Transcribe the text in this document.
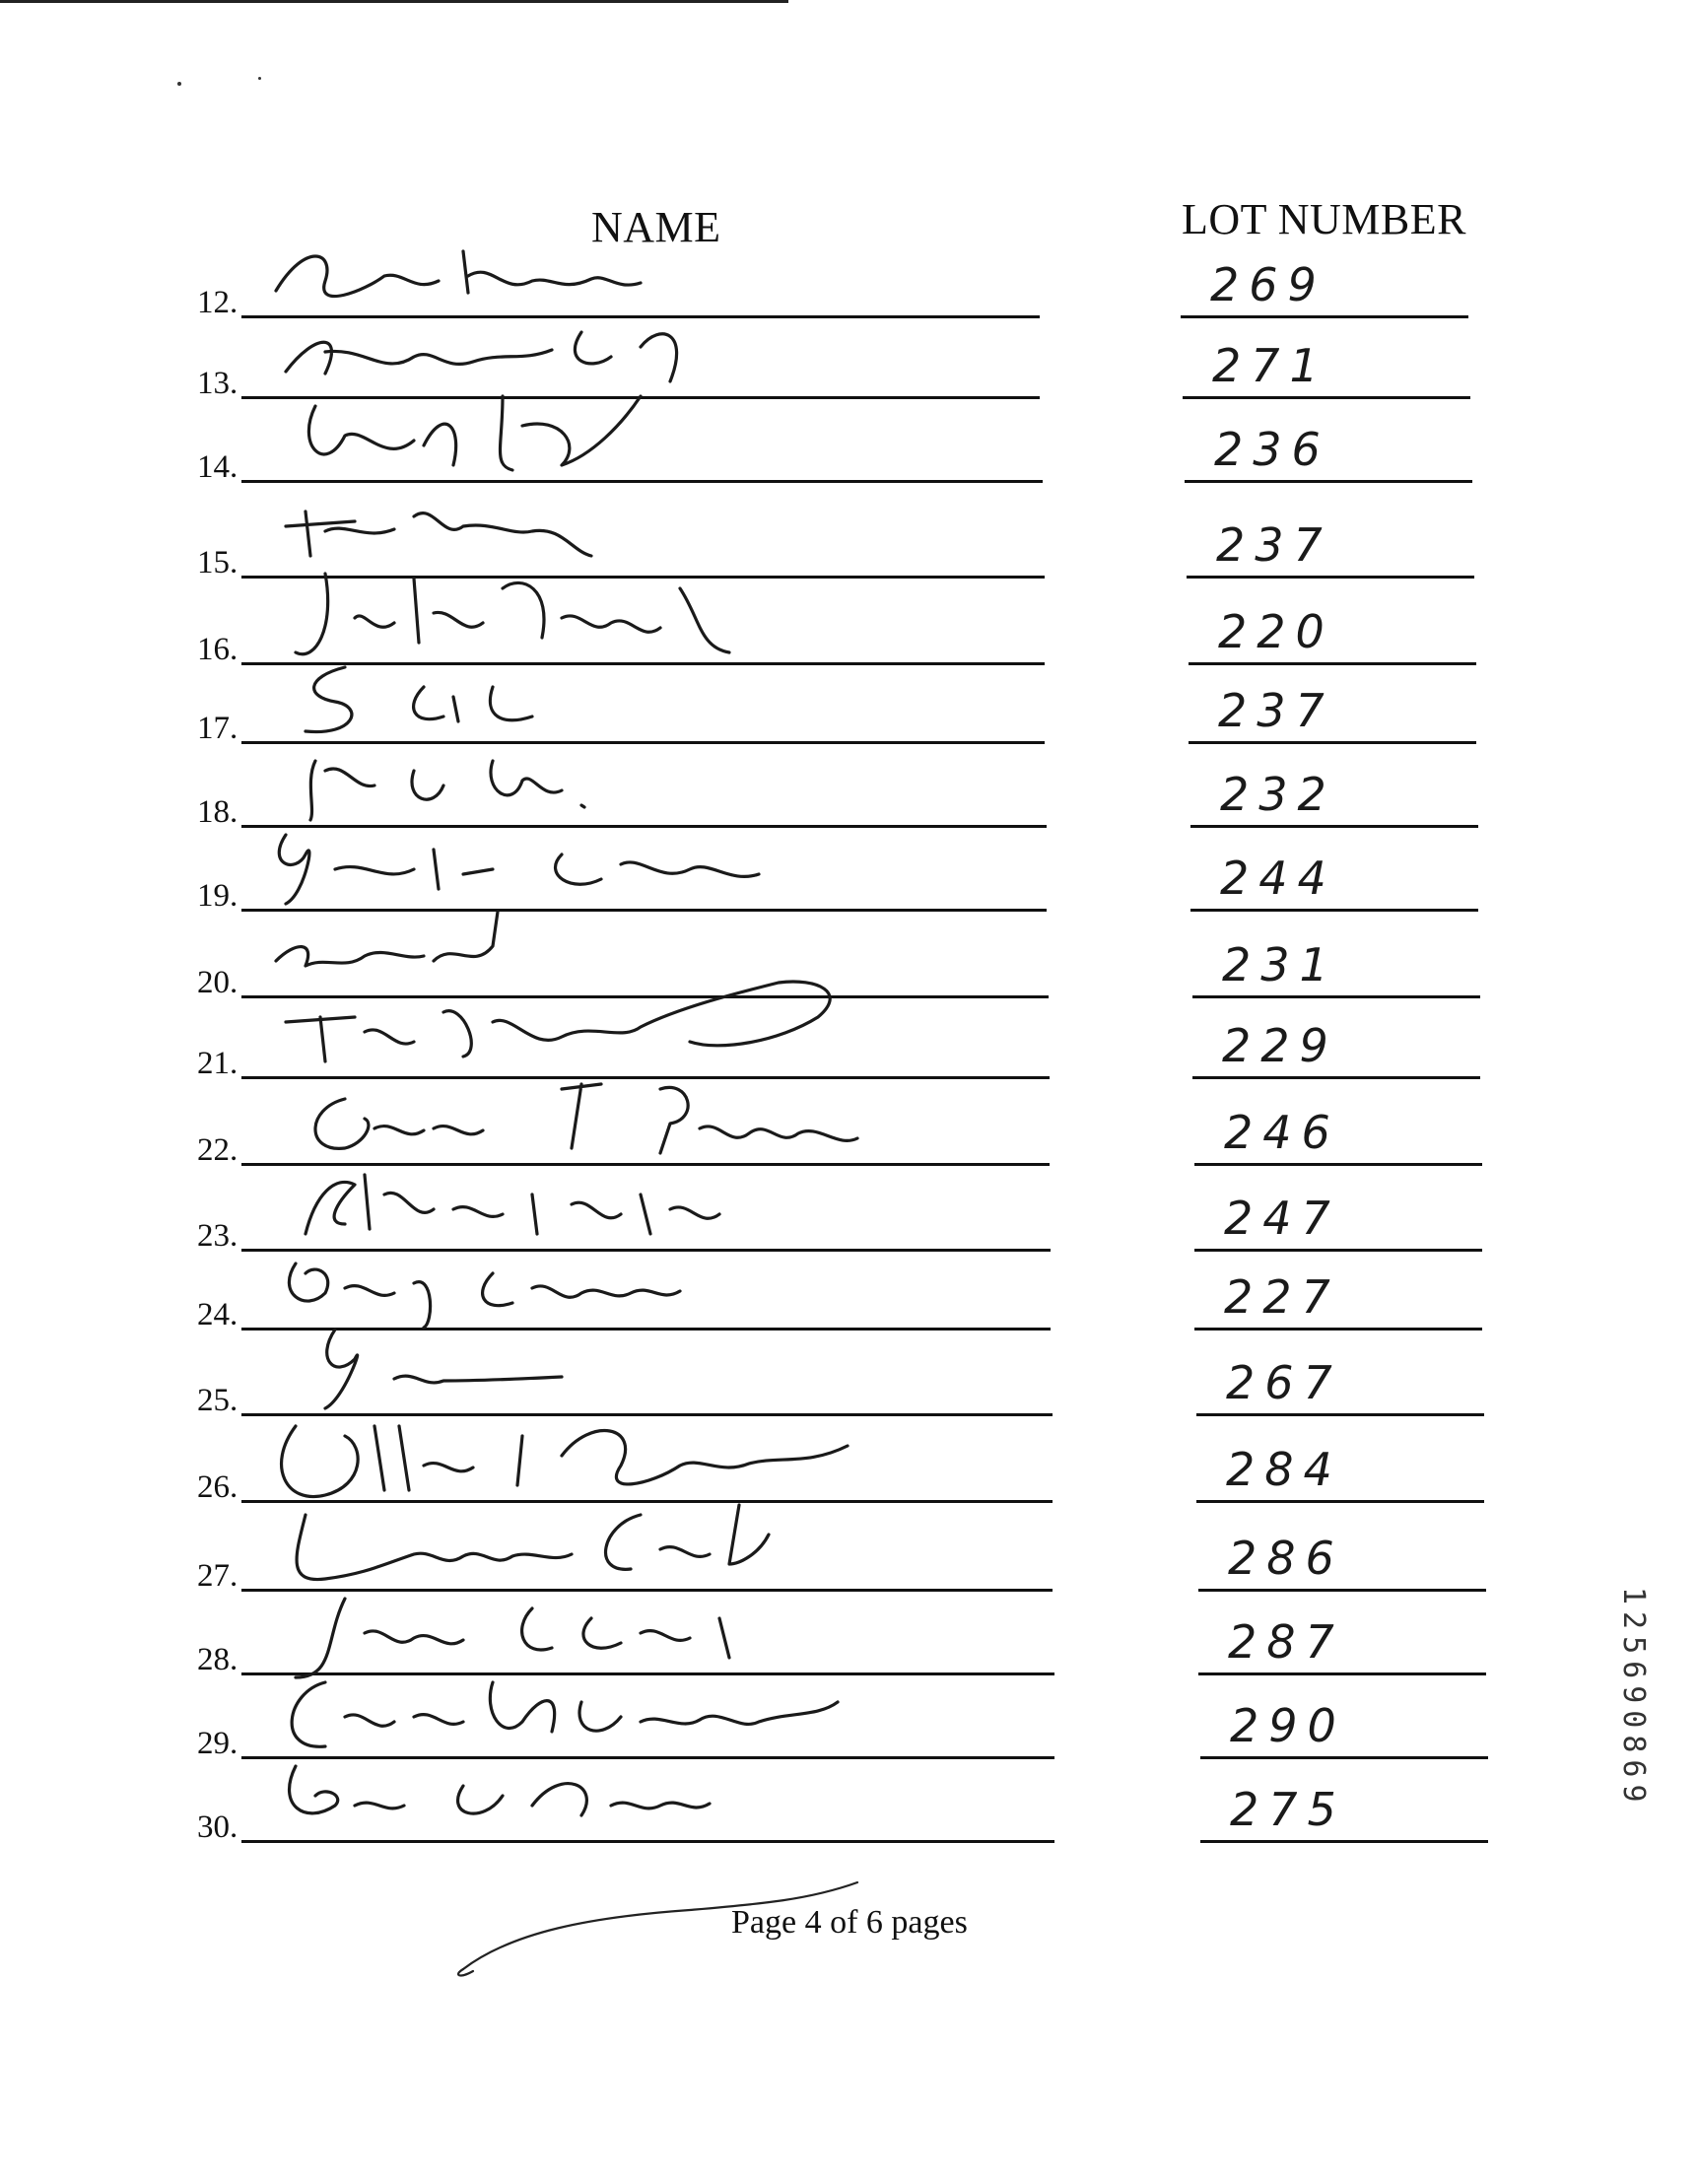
NAME	LOT NUMBER
12.	269
13.	271
14.	236
15.	237
16.	220
17.	237
18.	232
19.	244
20.	231
21.	229
22.	246
23.	247
24.	227
25.	267
26.	284
27.	286
28.	287
29.	290
30.	275
Page 4 of 6 pages
125690869
